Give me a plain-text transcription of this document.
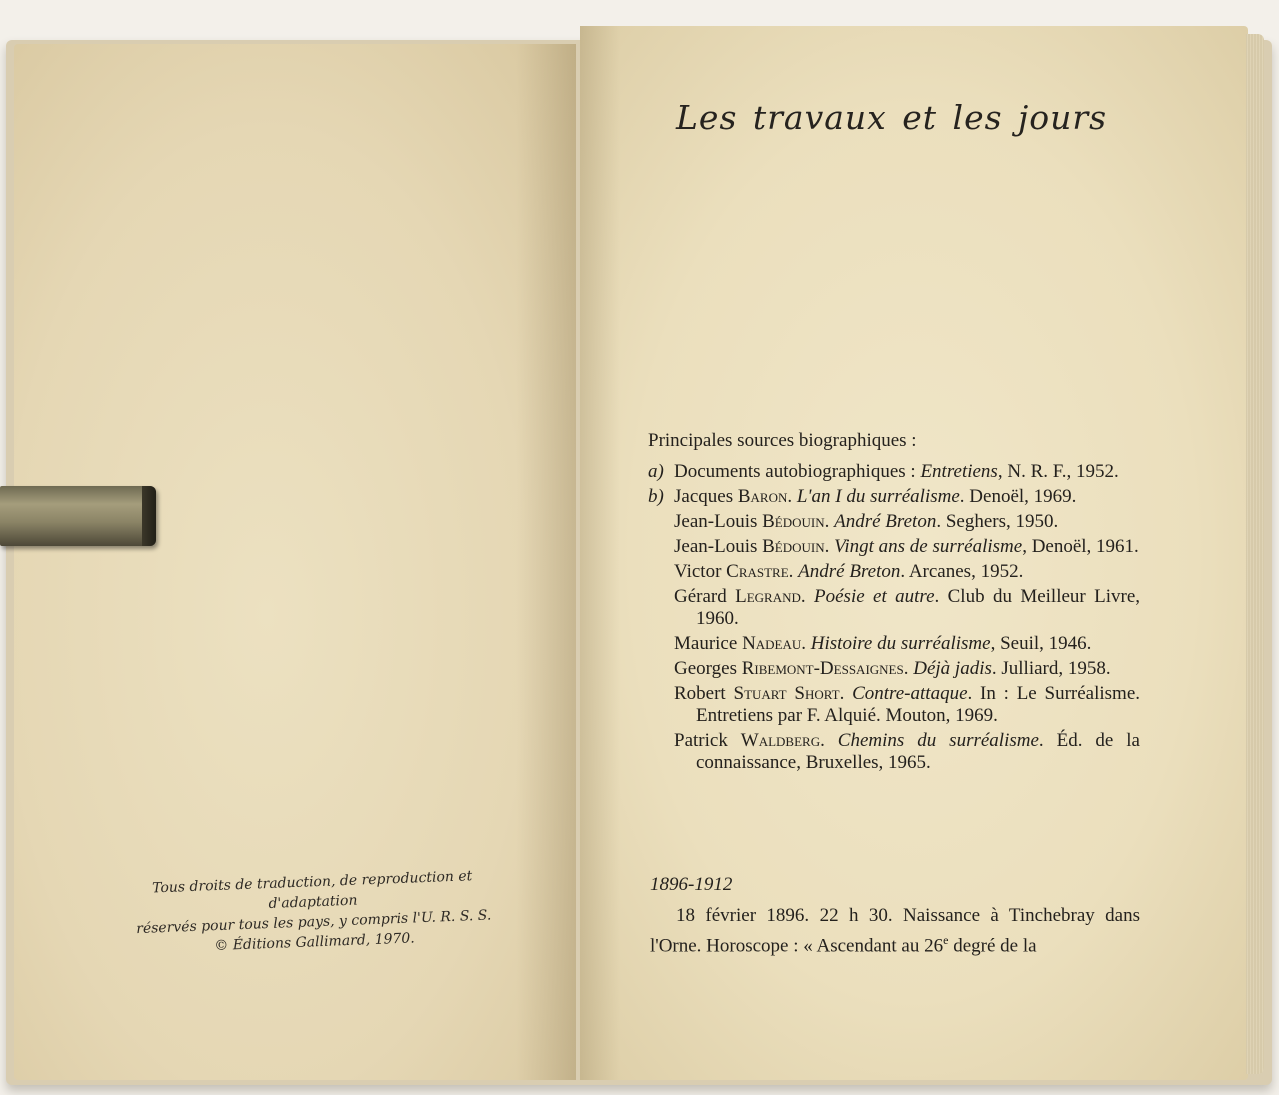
Tous droits de traduction, de reproduction et d'adaptation
réservés pour tous les pays, y compris l'U. R. S. S.
© Éditions Gallimard, 1970.
Les travaux et les jours
Principales sources biographiques :
a) Documents autobiographiques : Entretiens, N. R. F., 1952.
b) Jacques Baron. L'an I du surréalisme. Denoël, 1969.
Jean-Louis Bédouin. André Breton. Seghers, 1950.
Jean-Louis Bédouin. Vingt ans de surréalisme, Denoël, 1961.
Victor Crastre. André Breton. Arcanes, 1952.
Gérard Legrand. Poésie et autre. Club du Meilleur Livre, 1960.
Maurice Nadeau. Histoire du surréalisme, Seuil, 1946.
Georges Ribemont-Dessaignes. Déjà jadis. Julliard, 1958.
Robert Stuart Short. Contre-attaque. In : Le Surréalisme. Entretiens par F. Alquié. Mouton, 1969.
Patrick Waldberg. Chemins du surréalisme. Éd. de la connaissance, Bruxelles, 1965.
1896-1912
18 février 1896. 22 h 30. Naissance à Tinchebray dans l'Orne. Horoscope : « Ascendant au 26e degré de la
